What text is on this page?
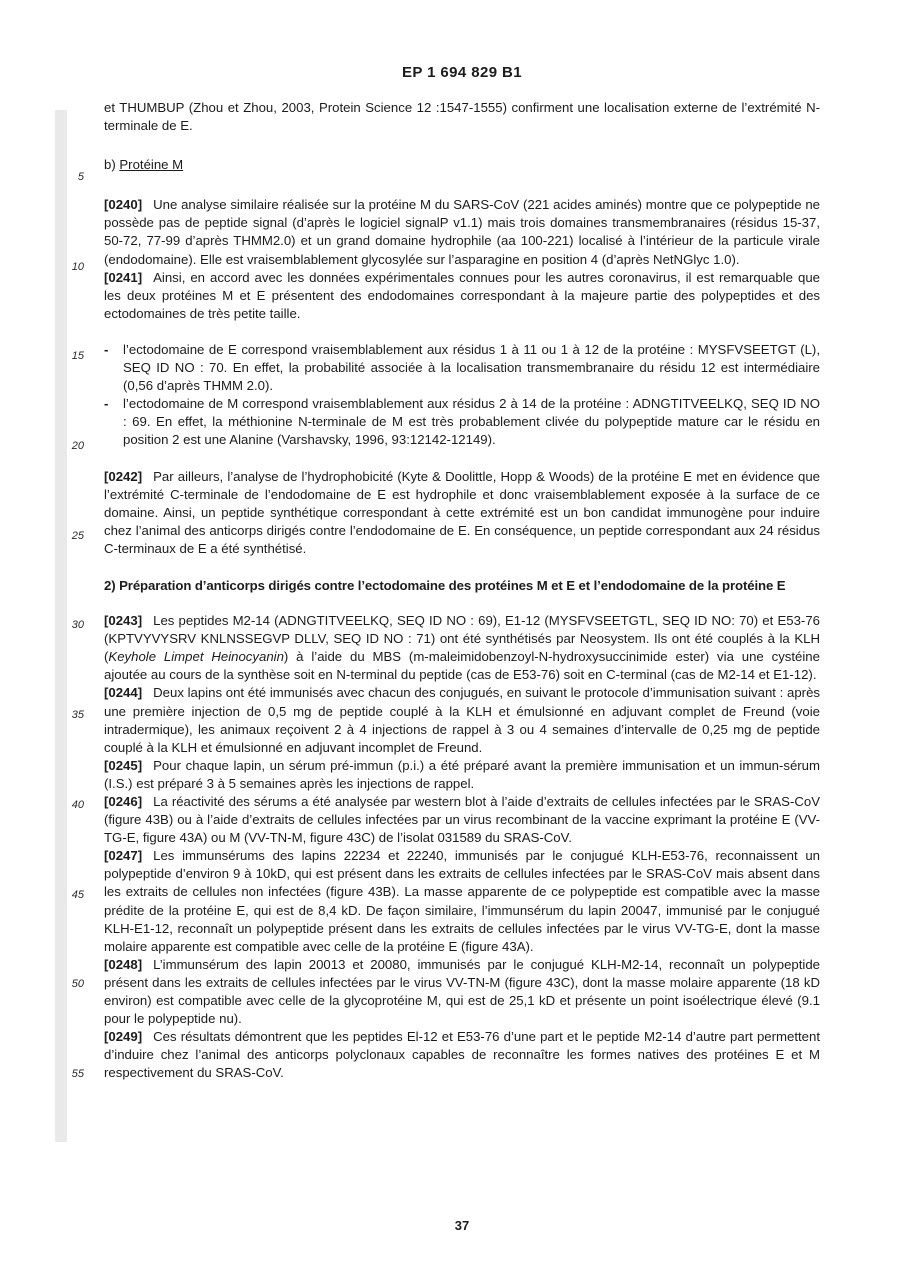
EP 1 694 829 B1
5
10
15
20
25
30
35
40
45
50
55

et THUMBUP (Zhou et Zhou, 2003, Protein Science 12 :1547-1555) confirment une localisation externe de l’extrémité N-terminale de E.

b) Protéine M

[0240] Une analyse similaire réalisée sur la protéine M du SARS-CoV (221 acides aminés) montre que ce polypeptide ne possède pas de peptide signal (d’après le logiciel signalP v1.1) mais trois domaines transmembranaires (résidus 15-37, 50-72, 77-99 d’après THMM2.0) et un grand domaine hydrophile (aa 100-221) localisé à l’intérieur de la particule virale (endodomaine). Elle est vraisemblablement glycosylée sur l’asparagine en position 4 (d’après NetNGlyc 1.0).

[0241] Ainsi, en accord avec les données expérimentales connues pour les autres coronavirus, il est remarquable que les deux protéines M et E présentent des endodomaines correspondant à la majeure partie des polypeptides et des ectodomaines de très petite taille.

- l’ectodomaine de E correspond vraisemblablement aux résidus 1 à 11 ou 1 à 12 de la protéine : MYSFVSEETGT (L), SEQ ID NO : 70. En effet, la probabilité associée à la localisation transmembranaire du résidu 12 est intermédiaire (0,56 d’après THMM 2.0).

- l’ectodomaine de M correspond vraisemblablement aux résidus 2 à 14 de la protéine : ADNGTITVEELKQ, SEQ ID NO : 69. En effet, la méthionine N-terminale de M est très probablement clivée du polypeptide mature car le résidu en position 2 est une Alanine (Varshavsky, 1996, 93:12142-12149).

[0242] Par ailleurs, l’analyse de l’hydrophobicité (Kyte & Doolittle, Hopp & Woods) de la protéine E met en évidence que l’extrémité C-terminale de l’endodomaine de E est hydrophile et donc vraisemblablement exposée à la surface de ce domaine. Ainsi, un peptide synthétique correspondant à cette extrémité est un bon candidat immunogène pour induire chez l’animal des anticorps dirigés contre l’endodomaine de E. En conséquence, un peptide correspondant aux 24 résidus C-terminaux de E a été synthétisé.

2) Préparation d’anticorps dirigés contre l’ectodomaine des protéines M et E et l’endodomaine de la protéine E

[0243] Les peptides M2-14 (ADNGTITVEELKQ, SEQ ID NO : 69), E1-12 (MYSFVSEETGTL, SEQ ID NO: 70) et E53-76 (KPTVYVYSRV KNLNSSEGVP DLLV, SEQ ID NO : 71) ont été synthétisés par Neosystem. Ils ont été couplés à la KLH (Keyhole Limpet Heinocyanin) à l’aide du MBS (m-maleimidobenzoyl-N-hydroxysuccinimide ester) via une cystéine ajoutée au cours de la synthèse soit en N-terminal du peptide (cas de E53-76) soit en C-terminal (cas de M2-14 et E1-12).

[0244] Deux lapins ont été immunisés avec chacun des conjugués, en suivant le protocole d’immunisation suivant : après une première injection de 0,5 mg de peptide couplé à la KLH et émulsionné en adjuvant complet de Freund (voie intradermique), les animaux reçoivent 2 à 4 injections de rappel à 3 ou 4 semaines d’intervalle de 0,25 mg de peptide couplé à la KLH et émulsionné en adjuvant incomplet de Freund.

[0245] Pour chaque lapin, un sérum pré-immun (p.i.) a été préparé avant la première immunisation et un immun-sérum (I.S.) est préparé 3 à 5 semaines après les injections de rappel.

[0246] La réactivité des sérums a été analysée par western blot à l’aide d’extraits de cellules infectées par le SRAS-CoV (figure 43B) ou à l’aide d’extraits de cellules infectées par un virus recombinant de la vaccine exprimant la protéine E (VV-TG-E, figure 43A) ou M (VV-TN-M, figure 43C) de l’isolat 031589 du SRAS-CoV.

[0247] Les immunsérums des lapins 22234 et 22240, immunisés par le conjugué KLH-E53-76, reconnaissent un polypeptide d’environ 9 à 10kD, qui est présent dans les extraits de cellules infectées par le SRAS-CoV mais absent dans les extraits de cellules non infectées (figure 43B). La masse apparente de ce polypeptide est compatible avec la masse prédite de la protéine E, qui est de 8,4 kD. De façon similaire, l’immunsérum du lapin 20047, immunisé par le conjugué KLH-E1-12, reconnaît un polypeptide présent dans les extraits de cellules infectées par le virus VV-TG-E, dont la masse molaire apparente est compatible avec celle de la protéine E (figure 43A).

[0248] L’immunsérum des lapin 20013 et 20080, immunisés par le conjugué KLH-M2-14, reconnaît un polypeptide présent dans les extraits de cellules infectées par le virus VV-TN-M (figure 43C), dont la masse molaire apparente (18 kD environ) est compatible avec celle de la glycoprotéine M, qui est de 25,1 kD et présente un point isoélectrique élevé (9.1 pour le polypeptide nu).

[0249] Ces résultats démontrent que les peptides El-12 et E53-76 d’une part et le peptide M2-14 d’autre part permettent d’induire chez l’animal des anticorps polyclonaux capables de reconnaître les formes natives des protéines E et M respectivement du SRAS-CoV.

37
